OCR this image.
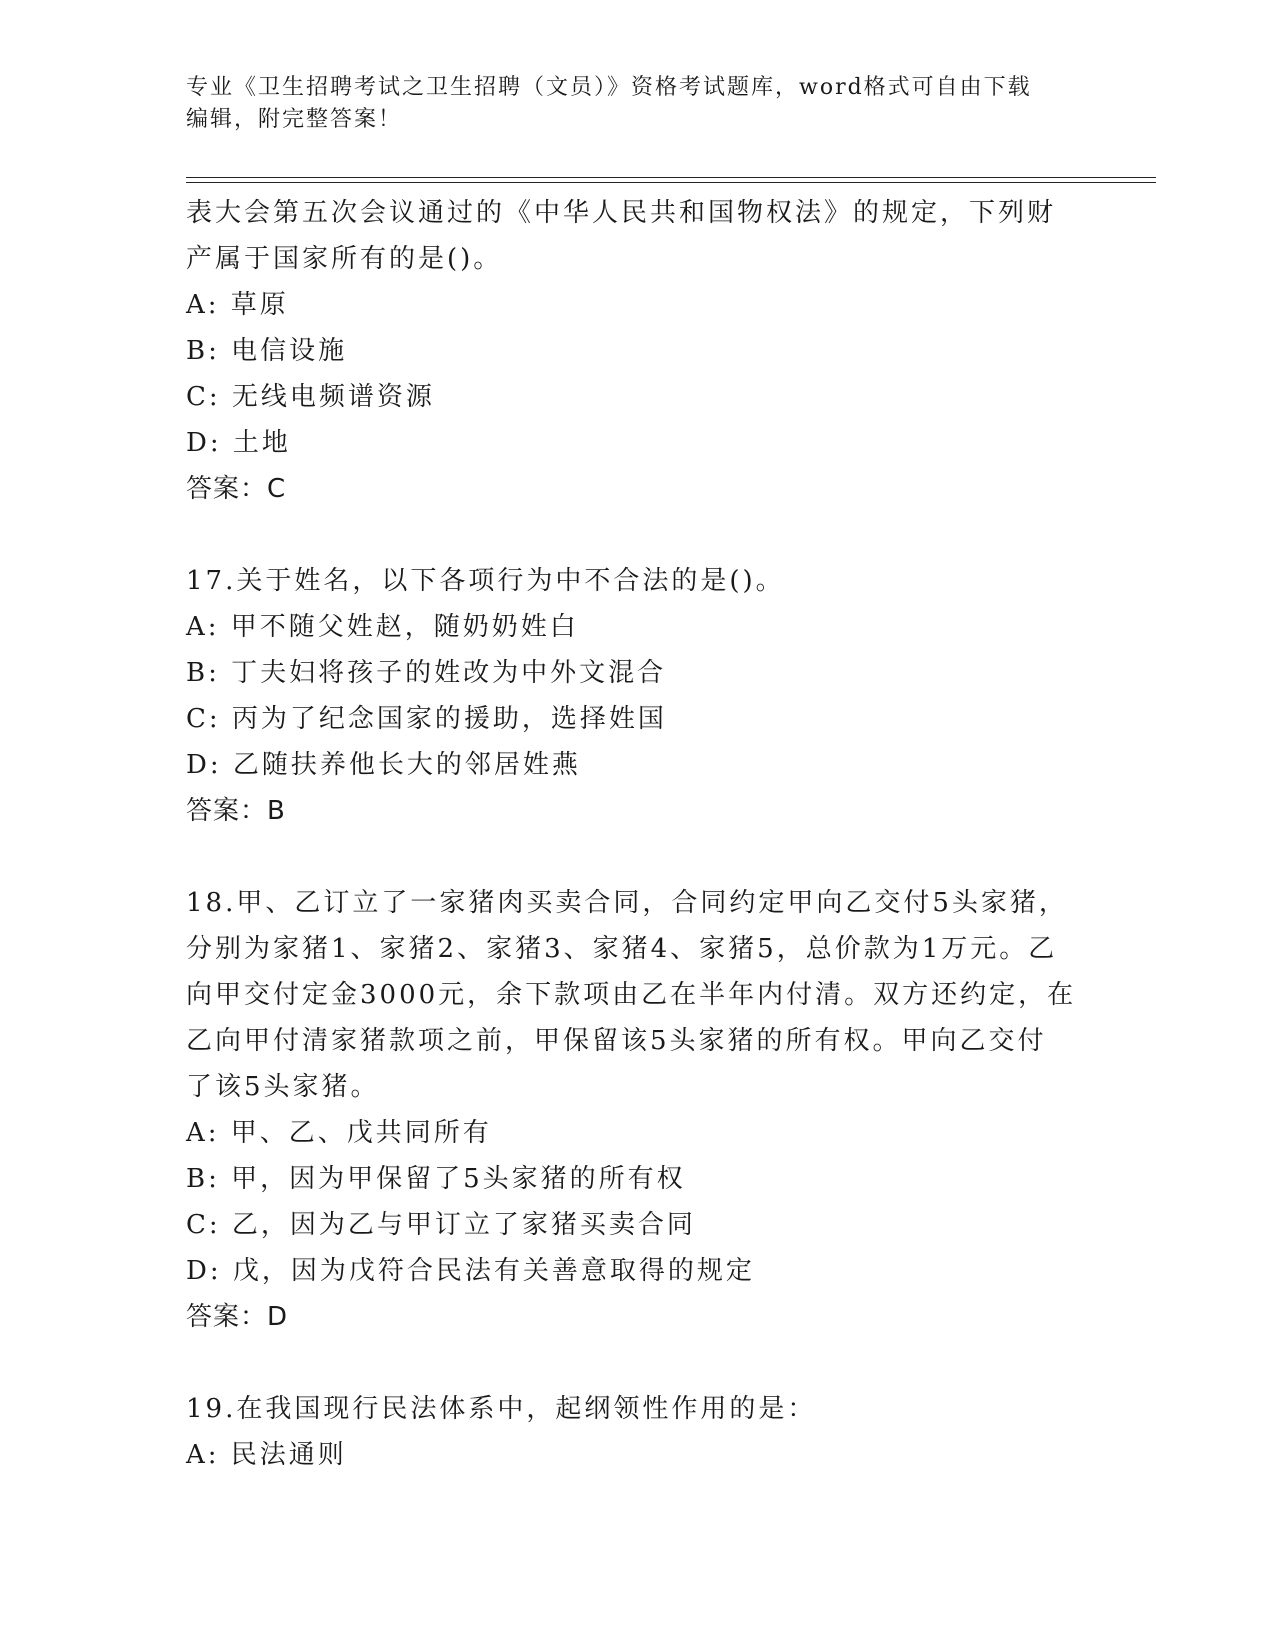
专业《卫生招聘考试之卫生招聘（文员）》资格考试题库，word格式可自由下载
编辑，附完整答案！
表大会第五次会议通过的《中华人民共和国物权法》的规定，下列财
产属于国家所有的是()。
A: 草原
B: 电信设施
C: 无线电频谱资源
D: 土地
答案：C
17.关于姓名，以下各项行为中不合法的是()。
A: 甲不随父姓赵，随奶奶姓白
B: 丁夫妇将孩子的姓改为中外文混合
C: 丙为了纪念国家的援助，选择姓国
D: 乙随扶养他长大的邻居姓燕
答案：B
18.甲、乙订立了一家猪肉买卖合同，合同约定甲向乙交付5头家猪，
分别为家猪1、家猪2、家猪3、家猪4、家猪5，总价款为1万元。乙
向甲交付定金3000元，余下款项由乙在半年内付清。双方还约定，在
乙向甲付清家猪款项之前，甲保留该5头家猪的所有权。甲向乙交付
了该5头家猪。
A: 甲、乙、戊共同所有
B: 甲，因为甲保留了5头家猪的所有权
C: 乙，因为乙与甲订立了家猪买卖合同
D: 戊，因为戊符合民法有关善意取得的规定
答案：D
19.在我国现行民法体系中，起纲领性作用的是：
A: 民法通则
